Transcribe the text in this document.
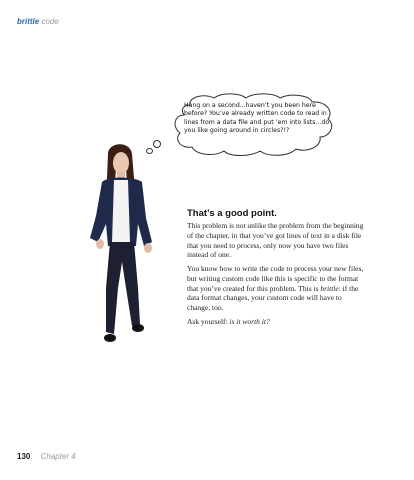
brittle code
Hang on a second...haven’t you been here before? You’ve already written code to read in lines from a data file and put ’em into lists...do you like going around in circles?!?
That’s a good point.
This problem is not unlike the problem from the beginning of the chapter, in that you’ve got lines of text in a disk file that you need to process, only now you have two files instead of one.
You know how to write the code to process your new files, but writing custom code like this is specific to the format that you’ve created for this problem. This is brittle: if the data format changes, your custom code will have to change, too.
Ask yourself: is it worth it?
130 Chapter 4
